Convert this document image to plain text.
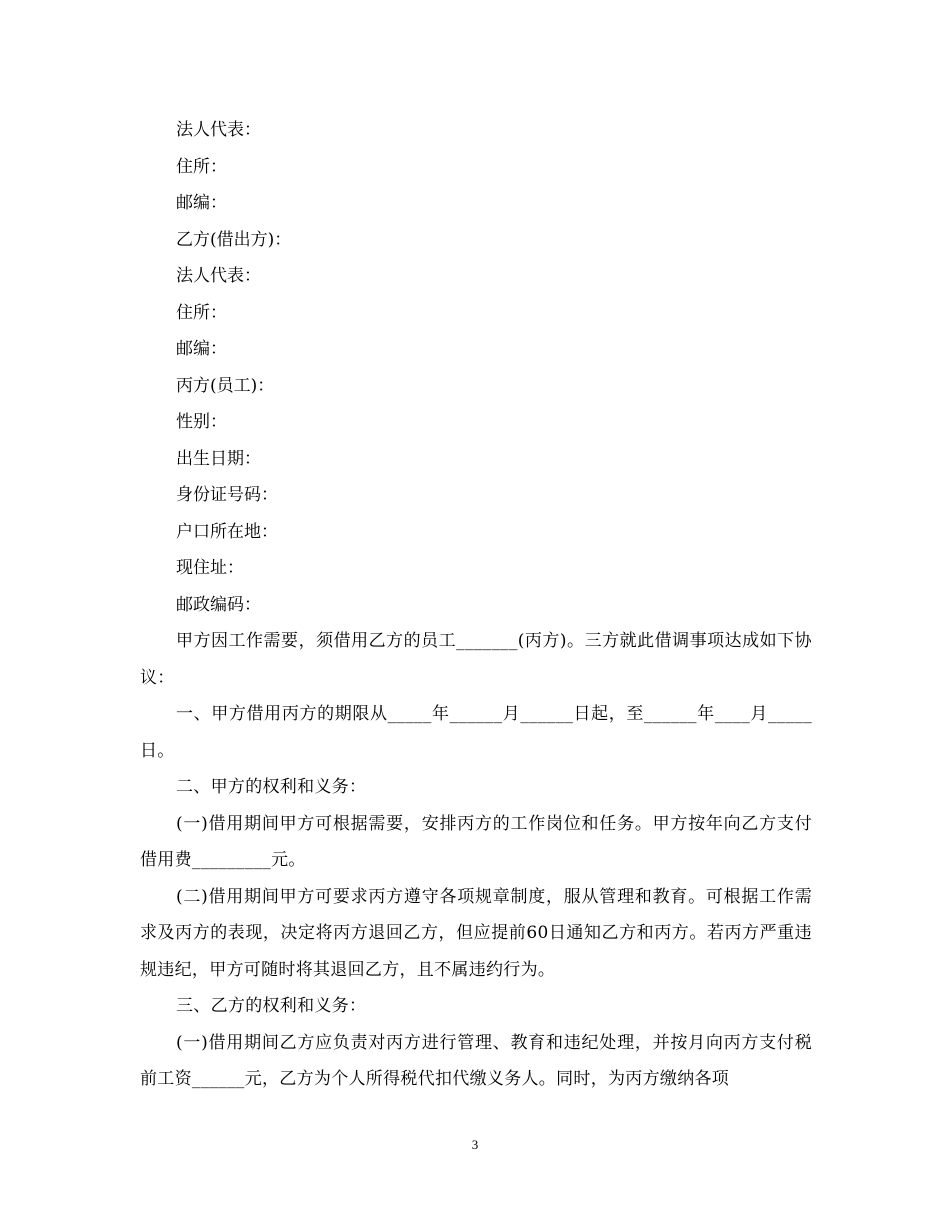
法人代表：
住所：
邮编：
乙方(借出方)：
法人代表：
住所：
邮编：
丙方(员工)：
性别：
出生日期：
身份证号码：
户口所在地：
现住址：
邮政编码：
甲方因工作需要，须借用乙方的员工_______(丙方)。三方就此借调事项达成如下协议：
一、甲方借用丙方的期限从_____年______月______日起，至______年____月_____日。
二、甲方的权利和义务：
(一)借用期间甲方可根据需要，安排丙方的工作岗位和任务。甲方按年向乙方支付借用费_________元。
(二)借用期间甲方可要求丙方遵守各项规章制度，服从管理和教育。可根据工作需求及丙方的表现，决定将丙方退回乙方，但应提前60日通知乙方和丙方。若丙方严重违规违纪，甲方可随时将其退回乙方，且不属违约行为。
三、乙方的权利和义务：
(一)借用期间乙方应负责对丙方进行管理、教育和违纪处理，并按月向丙方支付税前工资______元，乙方为个人所得税代扣代缴义务人。同时，为丙方缴纳各项
3
